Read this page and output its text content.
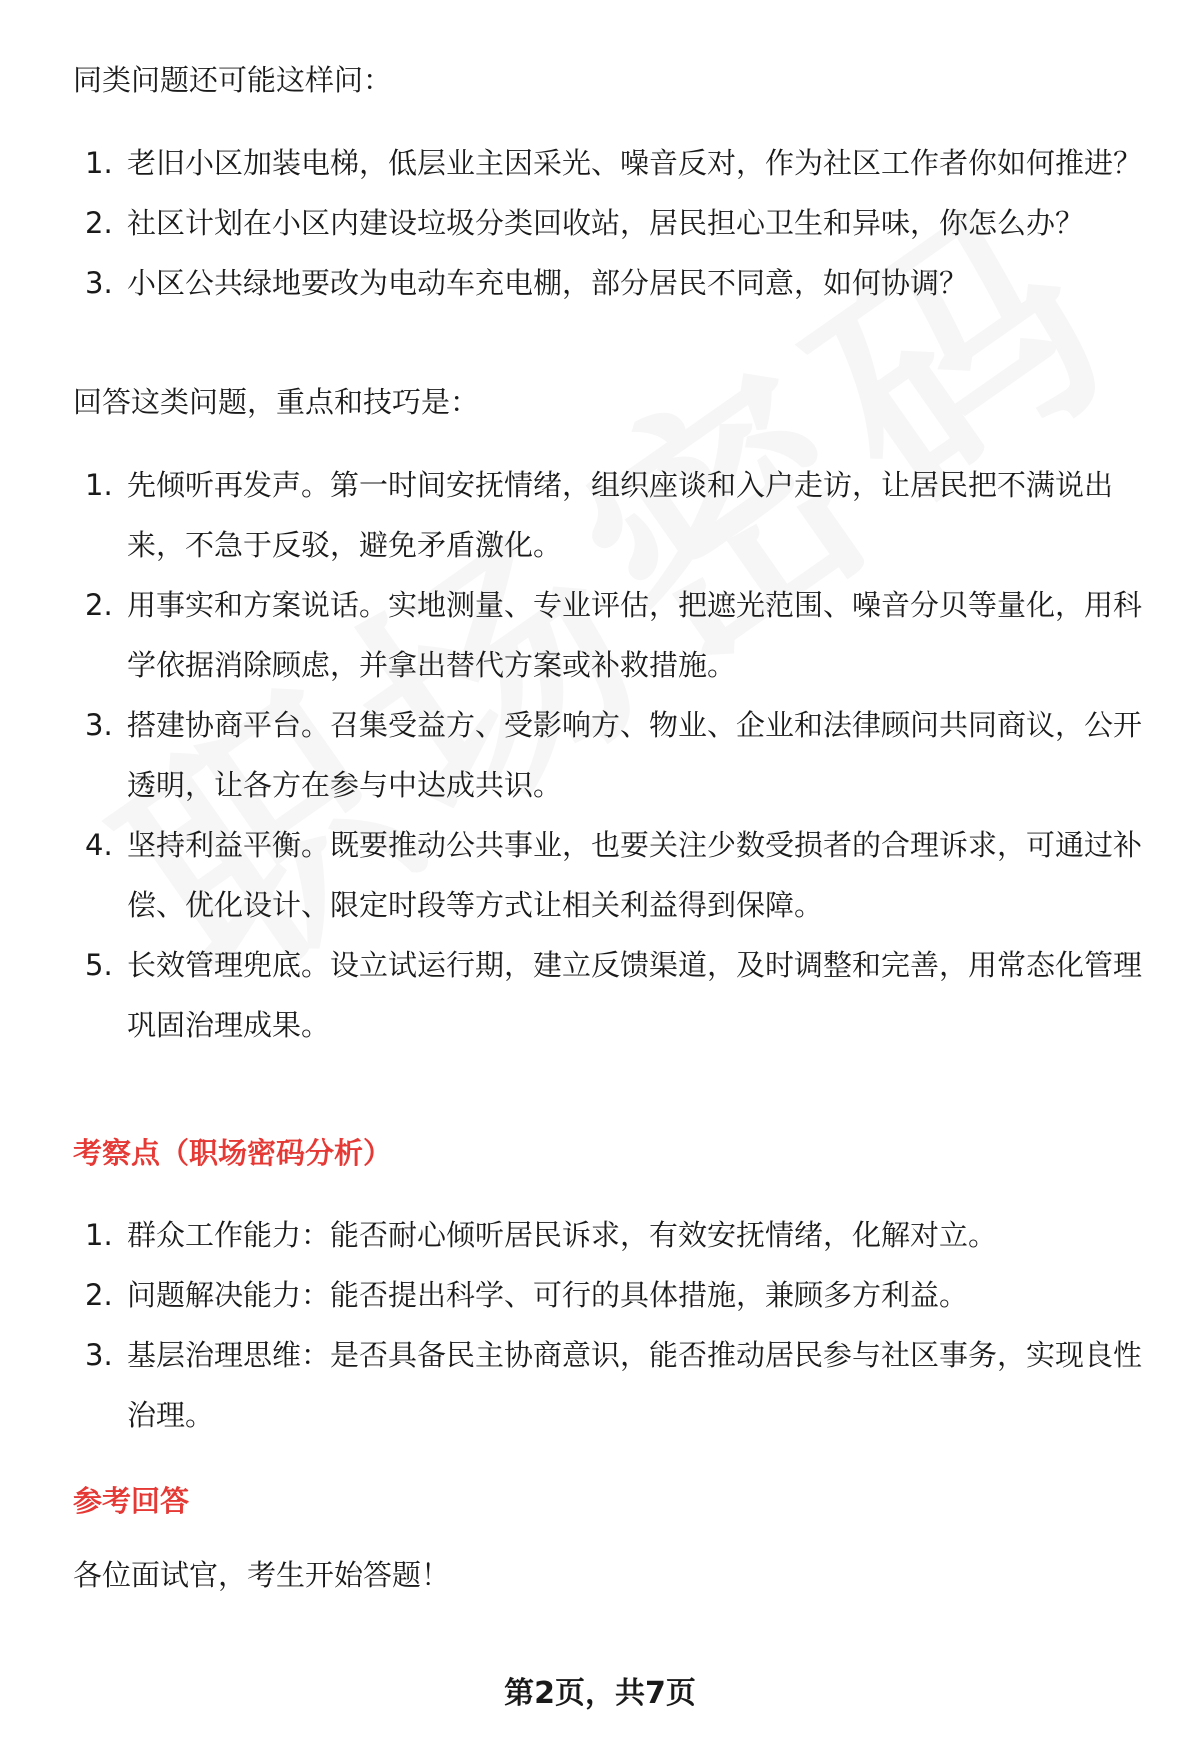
同类问题还可能这样问：

1. 老旧小区加装电梯，低层业主因采光、噪音反对，作为社区工作者你如何推进？
2. 社区计划在小区内建设垃圾分类回收站，居民担心卫生和异味，你怎么办？
3. 小区公共绿地要改为电动车充电棚，部分居民不同意，如何协调？

回答这类问题，重点和技巧是：

1. 先倾听再发声。第一时间安抚情绪，组织座谈和入户走访，让居民把不满说出来，不急于反驳，避免矛盾激化。
2. 用事实和方案说话。实地测量、专业评估，把遮光范围、噪音分贝等量化，用科学依据消除顾虑，并拿出替代方案或补救措施。
3. 搭建协商平台。召集受益方、受影响方、物业、企业和法律顾问共同商议，公开透明，让各方在参与中达成共识。
4. 坚持利益平衡。既要推动公共事业，也要关注少数受损者的合理诉求，可通过补偿、优化设计、限定时段等方式让相关利益得到保障。
5. 长效管理兜底。设立试运行期，建立反馈渠道，及时调整和完善，用常态化管理巩固治理成果。

考察点（职场密码分析）

1. 群众工作能力：能否耐心倾听居民诉求，有效安抚情绪，化解对立。
2. 问题解决能力：能否提出科学、可行的具体措施，兼顾多方利益。
3. 基层治理思维：是否具备民主协商意识，能否推动居民参与社区事务，实现良性治理。

参考回答

各位面试官，考生开始答题！

第2页，共7页
